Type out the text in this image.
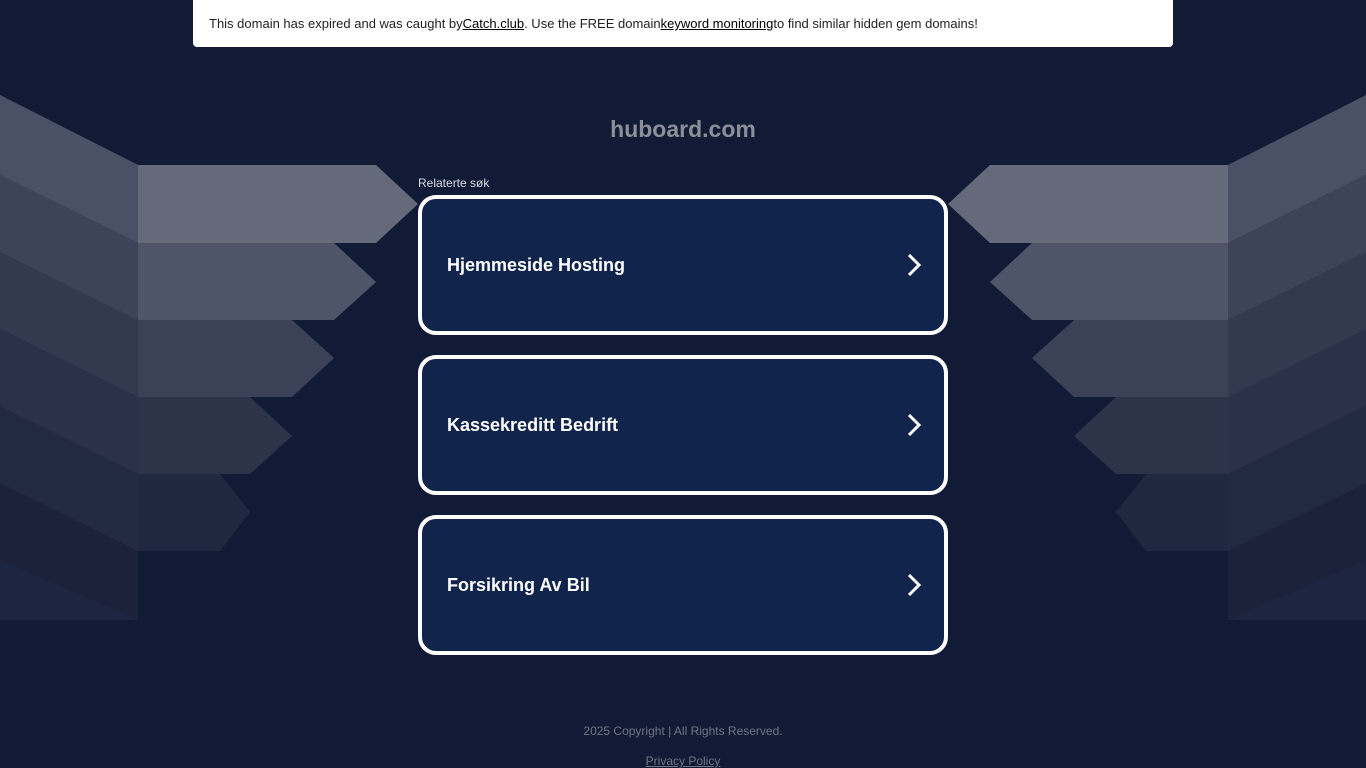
This domain has expired and was caught by Catch.club . Use the FREE domain keyword monitoring to find similar hidden gem domains!
huboard.com
Relaterte søk
Hjemmeside Hosting
Kassekreditt Bedrift
Forsikring Av Bil
2025 Copyright | All Rights Reserved.
Privacy Policy
